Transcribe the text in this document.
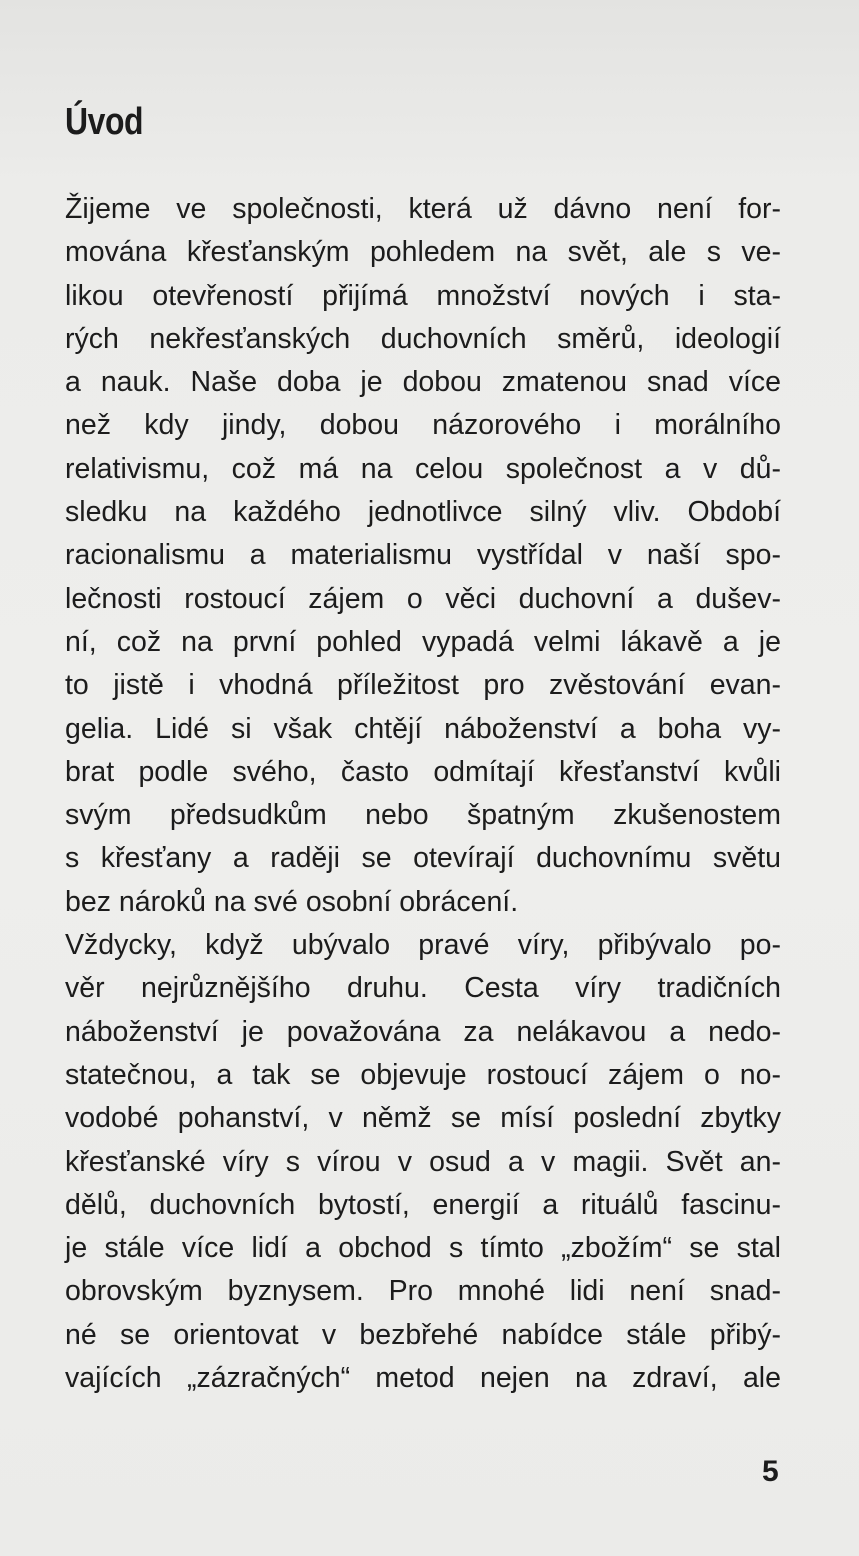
Úvod
Žijeme ve společnosti, která už dávno není for-
mována křesťanským pohledem na svět, ale s ve-
likou otevřeností přijímá množství nových i sta-
rých nekřesťanských duchovních směrů, ideologií
a nauk. Naše doba je dobou zmatenou snad více
než kdy jindy, dobou názorového i morálního
relativismu, což má na celou společnost a v dů-
sledku na každého jednotlivce silný vliv. Období
racionalismu a materialismu vystřídal v naší spo-
lečnosti rostoucí zájem o věci duchovní a dušev-
ní, což na první pohled vypadá velmi lákavě a je
to jistě i vhodná příležitost pro zvěstování evan-
gelia. Lidé si však chtějí náboženství a boha vy-
brat podle svého, často odmítají křesťanství kvůli
svým předsudkům nebo špatným zkušenostem
s křesťany a raději se otevírají duchovnímu světu
bez nároků na své osobní obrácení.
Vždycky, když ubývalo pravé víry, přibývalo po-
věr nejrůznějšího druhu. Cesta víry tradičních
náboženství je považována za nelákavou a nedo-
statečnou, a tak se objevuje rostoucí zájem o no-
vodobé pohanství, v němž se mísí poslední zbytky
křesťanské víry s vírou v osud a v magii. Svět an-
dělů, duchovních bytostí, energií a rituálů fascinu-
je stále více lidí a obchod s tímto „zbožím“ se stal
obrovským byznysem. Pro mnohé lidi není snad-
né se orientovat v bezbřehé nabídce stále přibý-
vajících „zázračných“ metod nejen na zdraví, ale
5
